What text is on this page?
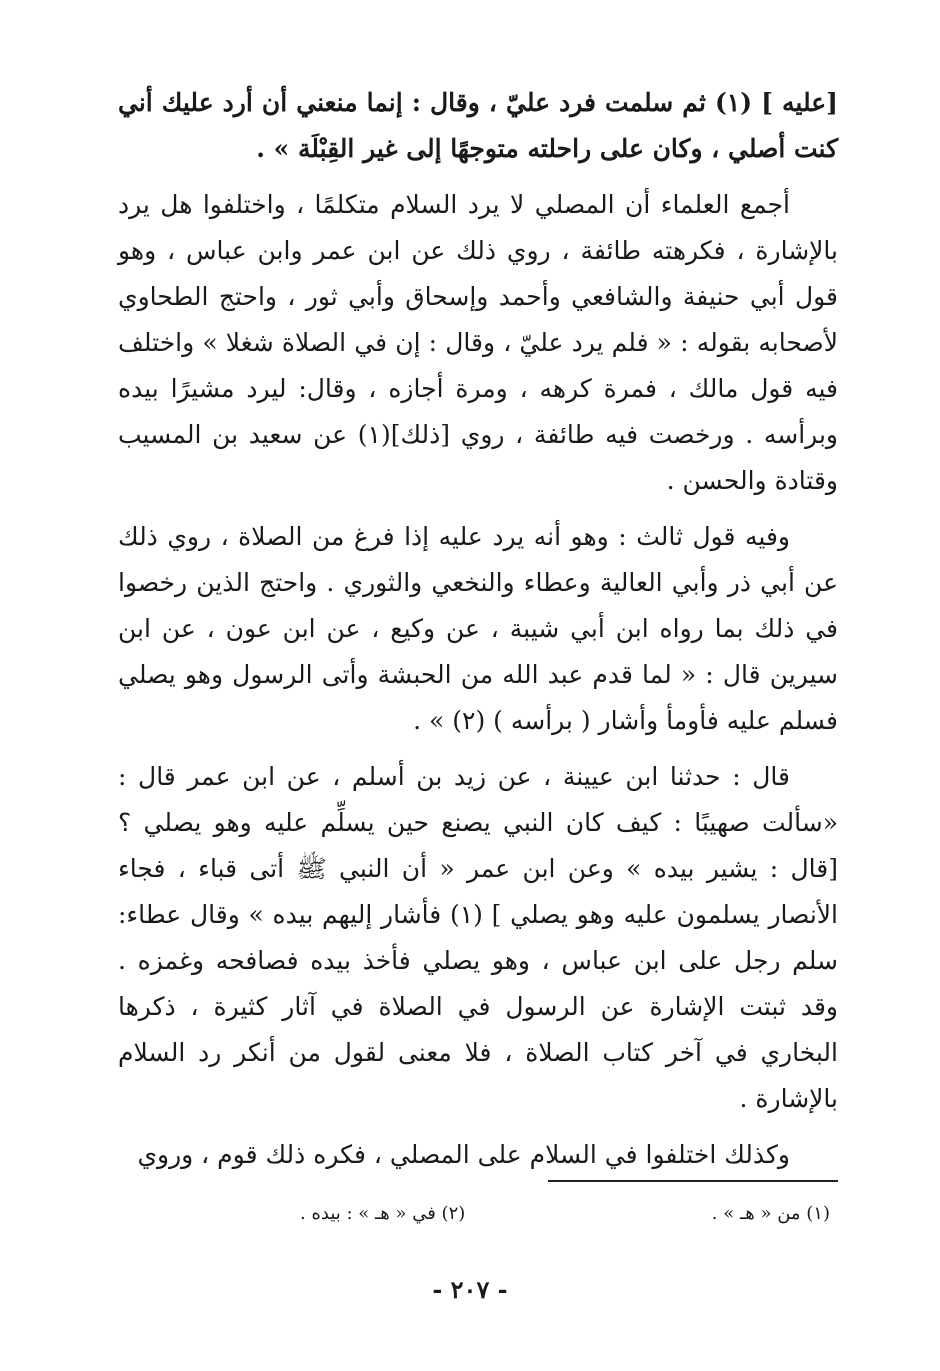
[عليه ] (١) ثم سلمت فرد عليّ ، وقال : إنما منعني أن أرد عليك أني كنت أصلي ، وكان على راحلته متوجهًا إلى غير القِبْلَة » .

أجمع العلماء أن المصلي لا يرد السلام متكلمًا ، واختلفوا هل يرد بالإشارة ، فكرهته طائفة ، روي ذلك عن ابن عمر وابن عباس ، وهو قول أبي حنيفة والشافعي وأحمد وإسحاق وأبي ثور ، واحتج الطحاوي لأصحابه بقوله : « فلم يرد عليّ ، وقال : إن في الصلاة شغلا » واختلف فيه قول مالك ، فمرة كرهه ، ومرة أجازه ، وقال: ليرد مشيرًا بيده وبرأسه . ورخصت فيه طائفة ، روي [ذلك](١) عن سعيد بن المسيب وقتادة والحسن .

وفيه قول ثالث : وهو أنه يرد عليه إذا فرغ من الصلاة ، روي ذلك عن أبي ذر وأبي العالية وعطاء والنخعي والثوري . واحتج الذين رخصوا في ذلك بما رواه ابن أبي شيبة ، عن وكيع ، عن ابن عون ، عن ابن سيرين قال : « لما قدم عبد الله من الحبشة وأتى الرسول وهو يصلي فسلم عليه فأومأ وأشار ( برأسه ) (٢) » .

قال : حدثنا ابن عيينة ، عن زيد بن أسلم ، عن ابن عمر قال : «سألت صهيبًا : كيف كان النبي يصنع حين يسلِّم عليه وهو يصلي ؟ [قال : يشير بيده » وعن ابن عمر « أن النبي ﷺ أتى قباء ، فجاء الأنصار يسلمون عليه وهو يصلي ] (١) فأشار إليهم بيده » وقال عطاء: سلم رجل على ابن عباس ، وهو يصلي فأخذ بيده فصافحه وغمزه . وقد ثبتت الإشارة عن الرسول في الصلاة في آثار كثيرة ، ذكرها البخاري في آخر كتاب الصلاة ، فلا معنى لقول من أنكر رد السلام بالإشارة .

وكذلك اختلفوا في السلام على المصلي ، فكره ذلك قوم ، وروي

(١) من « هـ » .
(٢) في « هـ » : بيده .
- ٢٠٧ -
